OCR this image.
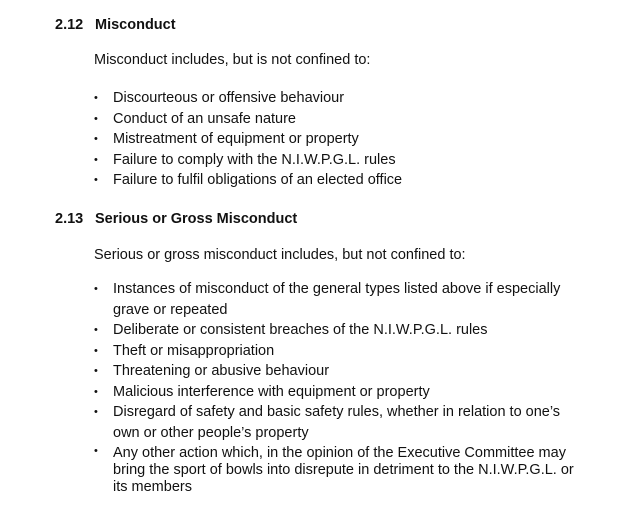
2.12 Misconduct
Misconduct includes, but is not confined to:
•	Discourteous or offensive behaviour
•	Conduct of an unsafe nature
•	Mistreatment of equipment or property
•	Failure to comply with the N.I.W.P.G.L. rules
•	Failure to fulfil obligations of an elected office
2.13 Serious or Gross Misconduct
Serious or gross misconduct includes, but not confined to:
•	Instances of misconduct of the general types listed above if especially grave or repeated
•	Deliberate or consistent breaches of the N.I.W.P.G.L. rules
•	Theft or misappropriation
•	Threatening or abusive behaviour
•	Malicious interference with equipment or property
•	Disregard of safety and basic safety rules, whether in relation to one’s own or other people’s property
•	Any other action which, in the opinion of the Executive Committee may bring the sport of bowls into disrepute in detriment to the N.I.W.P.G.L. or its members
